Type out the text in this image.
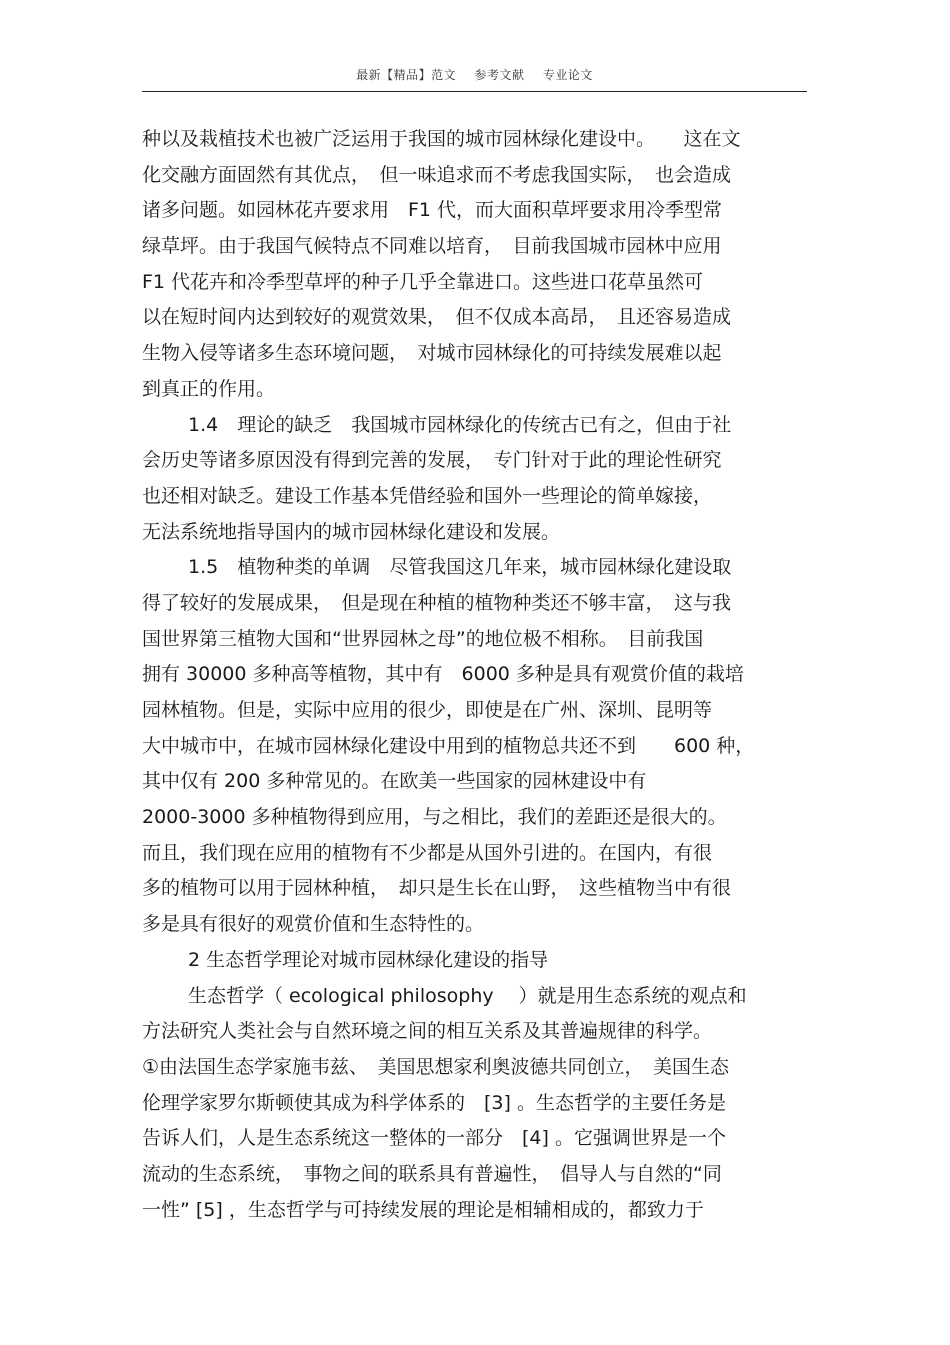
最新【精品】范文 参考文献 专业论文
种以及栽植技术也被广泛运用于我国的城市园林绿化建设中。　　这在文
化交融方面固然有其优点，　但一味追求而不考虑我国实际，　也会造成
诸多问题。如园林花卉要求用　F1 代，而大面积草坪要求用冷季型常
绿草坪。由于我国气候特点不同难以培育，　目前我国城市园林中应用
F1 代花卉和冷季型草坪的种子几乎全靠进口。这些进口花草虽然可
以在短时间内达到较好的观赏效果，　但不仅成本高昂，　且还容易造成
生物入侵等诸多生态环境问题，　对城市园林绿化的可持续发展难以起
到真正的作用。
1.4　理论的缺乏　我国城市园林绿化的传统古已有之，但由于社
会历史等诸多原因没有得到完善的发展，　专门针对于此的理论性研究
也还相对缺乏。建设工作基本凭借经验和国外一些理论的简单嫁接，
无法系统地指导国内的城市园林绿化建设和发展。
1.5　植物种类的单调　尽管我国这几年来，城市园林绿化建设取
得了较好的发展成果，　但是现在种植的植物种类还不够丰富，　这与我
国世界第三植物大国和“世界园林之母”的地位极不相称。　目前我国
拥有 30000 多种高等植物，其中有　6000 多种是具有观赏价值的栽培
园林植物。但是，实际中应用的很少，即使是在广州、深圳、昆明等
大中城市中，在城市园林绿化建设中用到的植物总共还不到　　600 种，
其中仅有 200 多种常见的。在欧美一些国家的园林建设中有
2000-3000 多种植物得到应用，与之相比，我们的差距还是很大的。
而且，我们现在应用的植物有不少都是从国外引进的。在国内，有很
多的植物可以用于园林种植，　却只是生长在山野，　这些植物当中有很
多是具有很好的观赏价值和生态特性的。
2 生态哲学理论对城市园林绿化建设的指导
生态哲学（ ecological philosophy　 ）就是用生态系统的观点和
方法研究人类社会与自然环境之间的相互关系及其普遍规律的科学。
①由法国生态学家施韦兹、　美国思想家利奥波德共同创立，　美国生态
伦理学家罗尔斯顿使其成为科学体系的　[3] 。生态哲学的主要任务是
告诉人们，人是生态系统这一整体的一部分　[4] 。它强调世界是一个
流动的生态系统，　事物之间的联系具有普遍性，　倡导人与自然的“同
一性” [5] ，生态哲学与可持续发展的理论是相辅相成的，都致力于
